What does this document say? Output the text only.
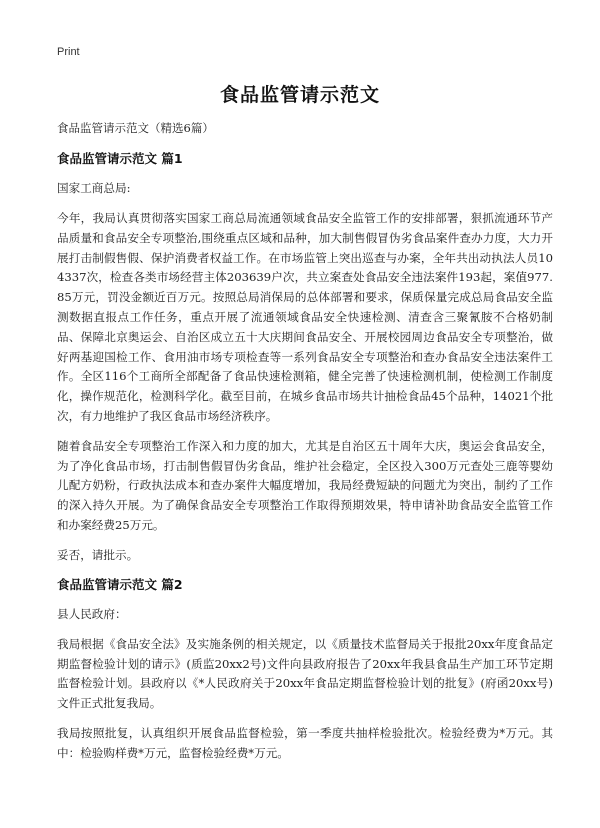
Print
食品监管请示范文
食品监管请示范文（精选6篇）
食品监管请示范文 篇1
国家工商总局:

今年，我局认真贯彻落实国家工商总局流通领域食品安全监管工作的安排部署，狠抓流通环节产品质量和食品安全专项整治,围绕重点区域和品种，加大制售假冒伪劣食品案件查办力度，大力开展打击制假售假、保护消费者权益工作。在市场监管上突出巡查与办案，全年共出动执法人员104337次，检查各类市场经营主体203639户次，共立案查处食品安全违法案件193起，案值977.85万元，罚没金额近百万元。按照总局消保局的总体部署和要求，保质保量完成总局食品安全监测数据直报点工作任务，重点开展了流通领域食品安全快速检测、清查含三聚氰胺不合格奶制品、保障北京奥运会、自治区成立五十大庆期间食品安全、开展校园周边食品安全专项整治，做好两基迎国检工作、食用油市场专项检查等一系列食品安全专项整治和查办食品安全违法案件工作。全区116个工商所全部配备了食品快速检测箱，健全完善了快速检测机制，使检测工作制度化，操作规范化，检测科学化。截至目前，在城乡食品市场共计抽检食品45个品种，14021个批次，有力地维护了我区食品市场经济秩序。

随着食品安全专项整治工作深入和力度的加大，尤其是自治区五十周年大庆，奥运会食品安全，为了净化食品市场，打击制售假冒伪劣食品，维护社会稳定，全区投入300万元查处三鹿等婴幼儿配方奶粉，行政执法成本和查办案件大幅度增加，我局经费短缺的问题尤为突出，制约了工作的深入持久开展。为了确保食品安全专项整治工作取得预期效果，特申请补助食品安全监管工作和办案经费25万元。

妥否，请批示。
食品监管请示范文 篇2
县人民政府：

我局根据《食品安全法》及实施条例的相关规定，以《质量技术监督局关于报批20xx年度食品定期监督检验计划的请示》(质监20xx2号)文件向县政府报告了20xx年我县食品生产加工环节定期监督检验计划。县政府以《*人民政府关于20xx年食品定期监督检验计划的批复》(府函20xx号)文件正式批复我局。

我局按照批复，认真组织开展食品监督检验，第一季度共抽样检验批次。检验经费为*万元。其中：检验购样费*万元，监督检验经费*万元。
